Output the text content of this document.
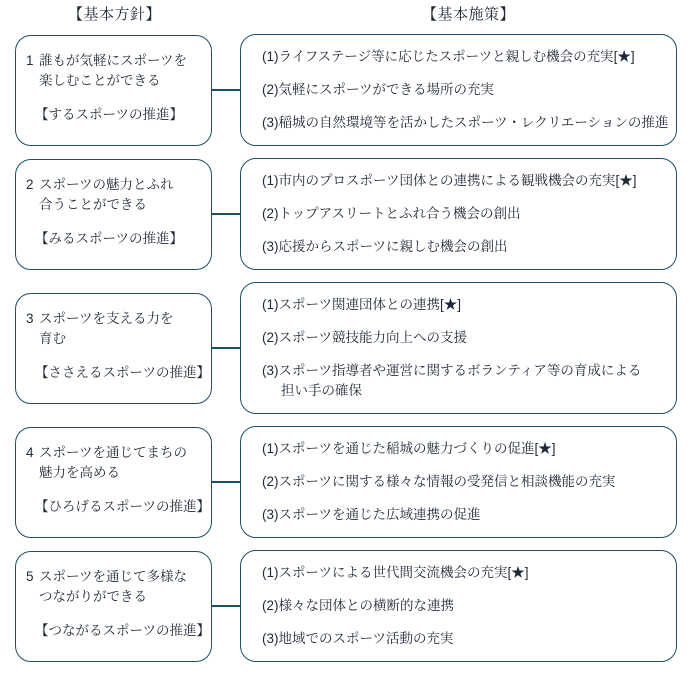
【基本方針】	【基本施策】
1 誰もが気軽にスポーツを
楽しむことができる
【するスポーツの推進】
(1)ライフステージ等に応じたスポーツと親しむ機会の充実[★]
(2)気軽にスポーツができる場所の充実
(3)稲城の自然環境等を活かしたスポーツ・レクリエーションの推進
2 スポーツの魅力とふれ
合うことができる
【みるスポーツの推進】
(1)市内のプロスポーツ団体との連携による観戦機会の充実[★]
(2)トップアスリートとふれ合う機会の創出
(3)応援からスポーツに親しむ機会の創出
3 スポーツを支える力を
育む
【ささえるスポーツの推進】
(1)スポーツ関連団体との連携[★]
(2)スポーツ競技能力向上への支援
(3)スポーツ指導者や運営に関するボランティア等の育成による
担い手の確保
4 スポーツを通じてまちの
魅力を高める
【ひろげるスポーツの推進】
(1)スポーツを通じた稲城の魅力づくりの促進[★]
(2)スポーツに関する様々な情報の受発信と相談機能の充実
(3)スポーツを通じた広域連携の促進
5 スポーツを通じて多様な
つながりができる
【つながるスポーツの推進】
(1)スポーツによる世代間交流機会の充実[★]
(2)様々な団体との横断的な連携
(3)地域でのスポーツ活動の充実
